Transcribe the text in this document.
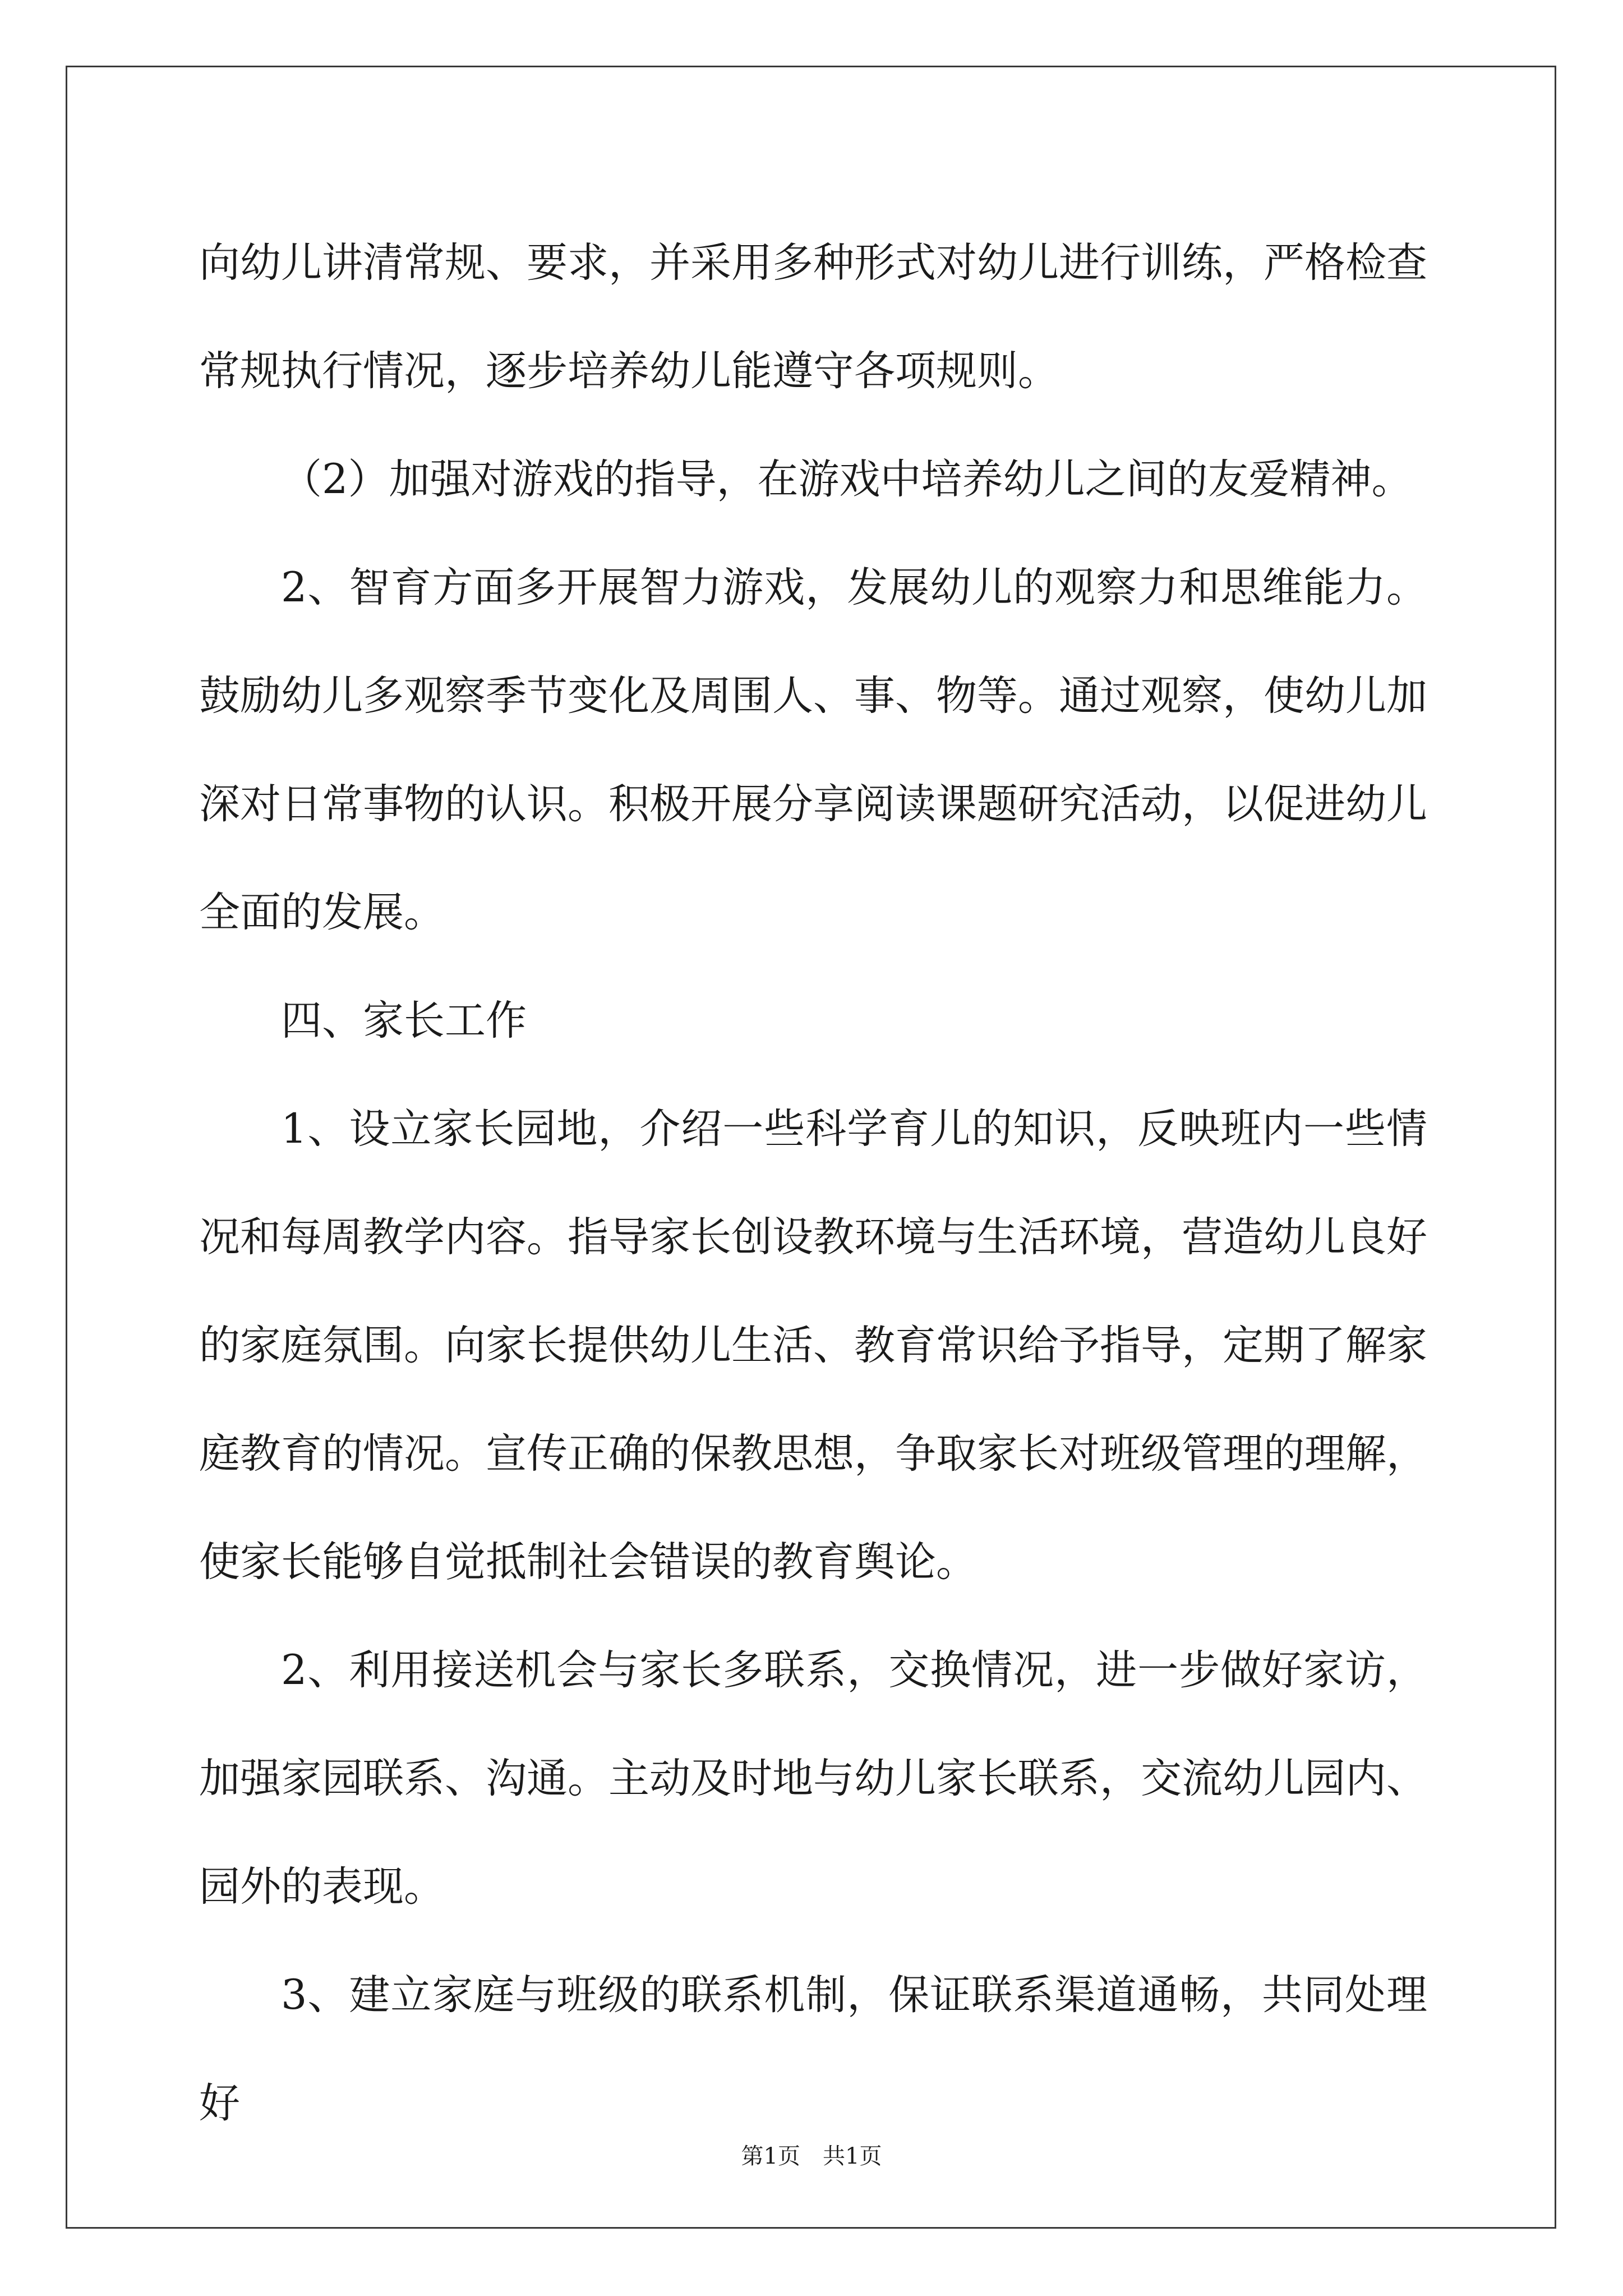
向幼儿讲清常规、要求，并采用多种形式对幼儿进行训练，严格检查常规执行情况，逐步培养幼儿能遵守各项规则。

（2）加强对游戏的指导，在游戏中培养幼儿之间的友爱精神。

2、智育方面多开展智力游戏，发展幼儿的观察力和思维能力。鼓励幼儿多观察季节变化及周围人、事、物等。通过观察，使幼儿加深对日常事物的认识。积极开展分享阅读课题研究活动，以促进幼儿全面的发展。

四、家长工作

1、设立家长园地，介绍一些科学育儿的知识，反映班内一些情况和每周教学内容。指导家长创设教环境与生活环境，营造幼儿良好的家庭氛围。向家长提供幼儿生活、教育常识给予指导，定期了解家庭教育的情况。宣传正确的保教思想，争取家长对班级管理的理解，使家长能够自觉抵制社会错误的教育舆论。

2、利用接送机会与家长多联系，交换情况，进一步做好家访，加强家园联系、沟通。主动及时地与幼儿家长联系，交流幼儿园内、园外的表现。

3、建立家庭与班级的联系机制，保证联系渠道通畅，共同处理好

第1页 共1页
